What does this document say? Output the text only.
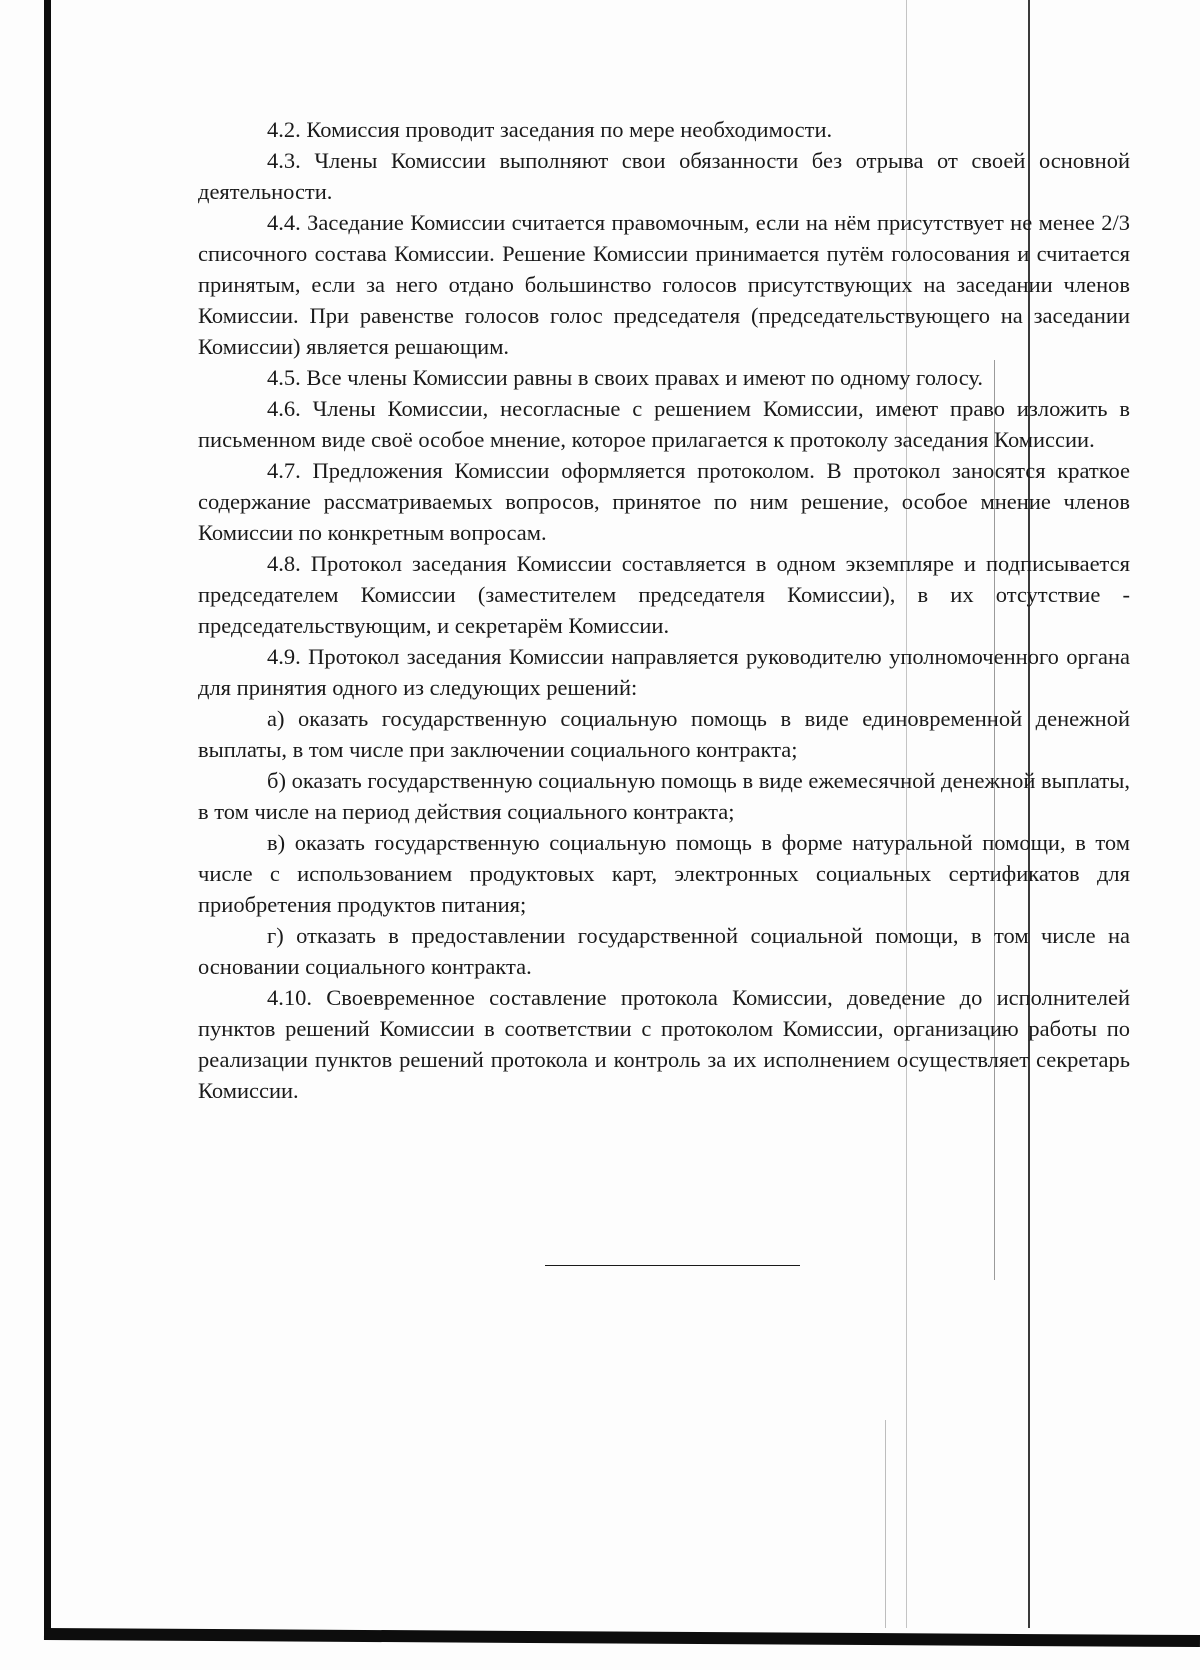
4.2. Комиссия проводит заседания по мере необходимости.

4.3. Члены Комиссии выполняют свои обязанности без отрыва от своей основной деятельности.

4.4. Заседание Комиссии считается правомочным, если на нём присутствует не менее 2/3 списочного состава Комиссии. Решение Комиссии принимается путём голосования и считается принятым, если за него отдано большинство голосов присутствующих на заседании членов Комиссии. При равенстве голосов голос председателя (председательствующего на заседании Комиссии) является решающим.

4.5. Все члены Комиссии равны в своих правах и имеют по одному голосу.

4.6. Члены Комиссии, несогласные с решением Комиссии, имеют право изложить в письменном виде своё особое мнение, которое прилагается к протоколу заседания Комиссии.

4.7. Предложения Комиссии оформляется протоколом. В протокол заносятся краткое содержание рассматриваемых вопросов, принятое по ним решение, особое мнение членов Комиссии по конкретным вопросам.

4.8. Протокол заседания Комиссии составляется в одном экземпляре и подписывается председателем Комиссии (заместителем председателя Комиссии), в их отсутствие - председательствующим, и секретарём Комиссии.

4.9. Протокол заседания Комиссии направляется руководителю уполномоченного органа для принятия одного из следующих решений:

а) оказать государственную социальную помощь в виде единовременной денежной выплаты, в том числе при заключении социального контракта;

б) оказать государственную социальную помощь в виде ежемесячной денежной выплаты, в том числе на период действия социального контракта;

в) оказать государственную социальную помощь в форме натуральной помощи, в том числе с использованием продуктовых карт, электронных социальных сертификатов для приобретения продуктов питания;

г) отказать в предоставлении государственной социальной помощи, в том числе на основании социального контракта.

4.10. Своевременное составление протокола Комиссии, доведение до исполнителей пунктов решений Комиссии в соответствии с протоколом Комиссии, организацию работы по реализации пунктов решений протокола и контроль за их исполнением осуществляет секретарь Комиссии.
